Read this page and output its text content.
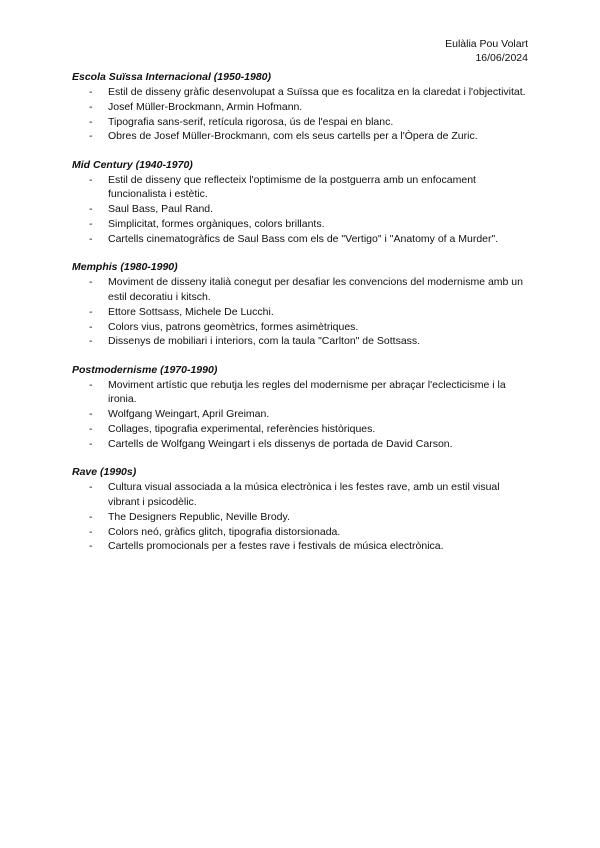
Eulàlia Pou Volart
16/06/2024

Escola Suïssa Internacional (1950-1980)

- Estil de disseny gràfic desenvolupat a Suïssa que es focalitza en la claredat i l'objectivitat.
- Josef Müller-Brockmann, Armin Hofmann.
- Tipografia sans-serif, retícula rigorosa, ús de l'espai en blanc.
- Obres de Josef Müller-Brockmann, com els seus cartells per a l'Òpera de Zuric.

Mid Century (1940-1970)

- Estil de disseny que reflecteix l'optimisme de la postguerra amb un enfocament funcionalista i estètic.
- Saul Bass, Paul Rand.
- Simplicitat, formes orgàniques, colors brillants.
- Cartells cinematogràfics de Saul Bass com els de "Vertigo" i "Anatomy of a Murder".

Memphis (1980-1990)

- Moviment de disseny italià conegut per desafiar les convencions del modernisme amb un estil decoratiu i kitsch.
- Ettore Sottsass, Michele De Lucchi.
- Colors vius, patrons geomètrics, formes asimètriques.
- Dissenys de mobiliari i interiors, com la taula "Carlton" de Sottsass.

Postmodernisme (1970-1990)

- Moviment artístic que rebutja les regles del modernisme per abraçar l'eclecticisme i la ironia.
- Wolfgang Weingart, April Greiman.
- Collages, tipografia experimental, referències històriques.
- Cartells de Wolfgang Weingart i els dissenys de portada de David Carson.

Rave (1990s)

- Cultura visual associada a la música electrònica i les festes rave, amb un estil visual vibrant i psicodèlic.
- The Designers Republic, Neville Brody.
- Colors neó, gràfics glitch, tipografia distorsionada.
- Cartells promocionals per a festes rave i festivals de música electrònica.
